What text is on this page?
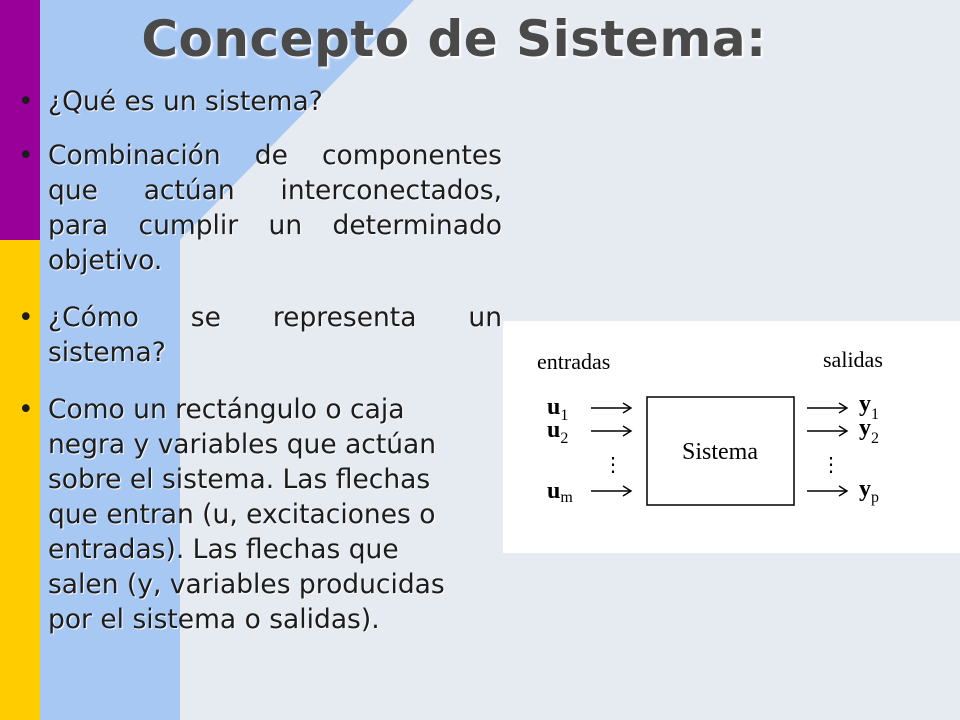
Concepto de Sistema:
• ¿Qué es un sistema?
• Combinación de componentes
que actúan interconectados,
para cumplir un determinado
objetivo.
• ¿Cómo se representa un
sistema?
• Como un rectángulo o caja
negra y variables que actúan
sobre el sistema. Las flechas
que entran (u, excitaciones o
entradas). Las flechas que
salen (y, variables producidas
por el sistema o salidas).
entradas	salidas
Sistema
$u_1$
$u_2$
⋮
um
$y_1$
$y_2$
⋮
$y_p$
